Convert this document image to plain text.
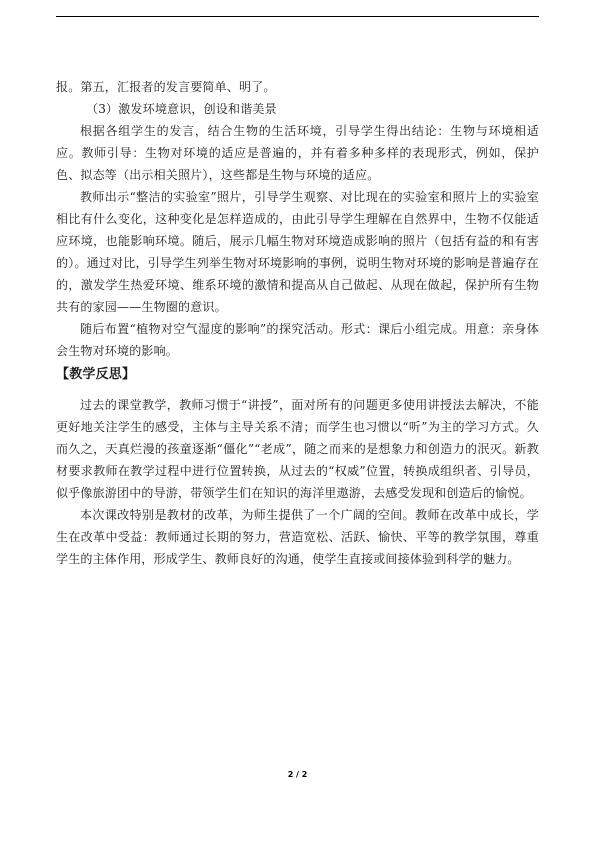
报。第五，汇报者的发言要简单、明了。

（3）激发环境意识，创设和谐美景

根据各组学生的发言，结合生物的生活环境，引导学生得出结论：生物与环境相适应。教师引导：生物对环境的适应是普遍的，并有着多种多样的表现形式，例如，保护色、拟态等（出示相关照片），这些都是生物与环境的适应。

教师出示“整洁的实验室”照片，引导学生观察、对比现在的实验室和照片上的实验室相比有什么变化，这种变化是怎样造成的，由此引导学生理解在自然界中，生物不仅能适应环境，也能影响环境。随后，展示几幅生物对环境造成影响的照片（包括有益的和有害的）。通过对比，引导学生列举生物对环境影响的事例，说明生物对环境的影响是普遍存在的，激发学生热爱环境、维系环境的激情和提高从自己做起、从现在做起，保护所有生物共有的家园——生物圈的意识。

随后布置“植物对空气湿度的影响”的探究活动。形式：课后小组完成。用意：亲身体会生物对环境的影响。

【教学反思】

过去的课堂教学，教师习惯于“讲授”，面对所有的问题更多使用讲授法去解决，不能更好地关注学生的感受，主体与主导关系不清；而学生也习惯以“听”为主的学习方式。久而久之，天真烂漫的孩童逐渐“僵化”“老成”，随之而来的是想象力和创造力的泯灭。新教材要求教师在教学过程中进行位置转换，从过去的“权威”位置，转换成组织者、引导员，似乎像旅游团中的导游，带领学生们在知识的海洋里遨游，去感受发现和创造后的愉悦。

本次课改特别是教材的改革，为师生提供了一个广阔的空间。教师在改革中成长，学生在改革中受益：教师通过长期的努力，营造宽松、活跃、愉快、平等的教学氛围，尊重学生的主体作用，形成学生、教师良好的沟通，使学生直接或间接体验到科学的魅力。

2 / 2
